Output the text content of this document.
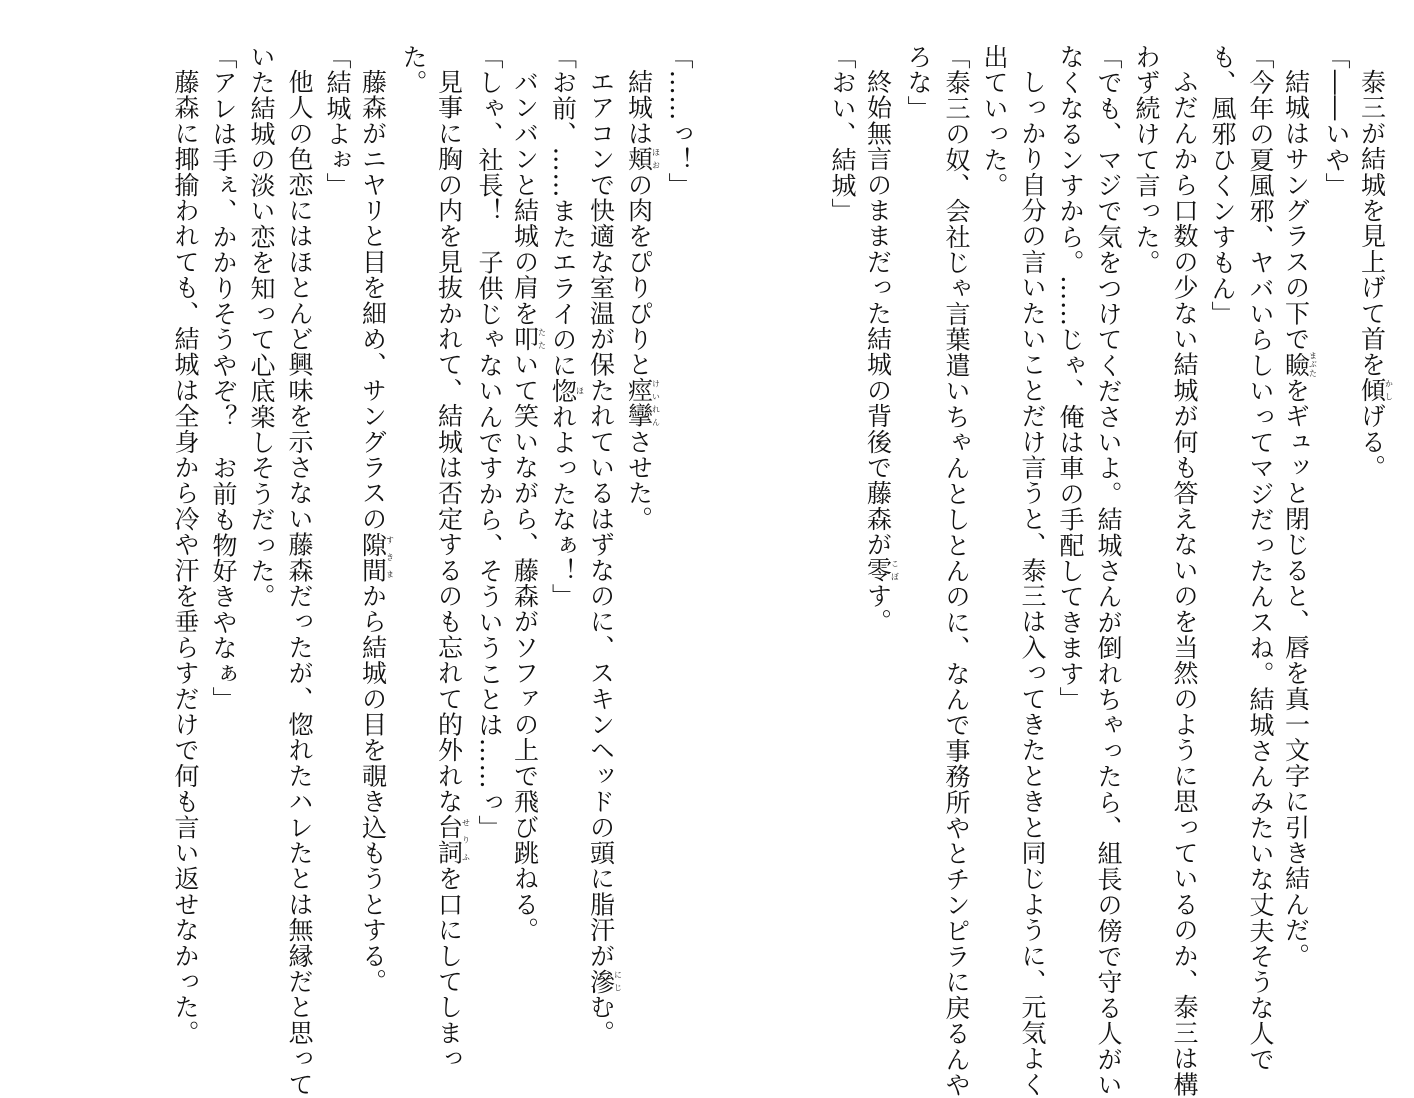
泰三が結城を見上げて首を傾かしげる。
「――いや」
結城はサングラスの下で瞼まぶたをギュッと閉じると、唇を真一文字に引き結んだ。
「今年の夏風邪、ヤバいらしいってマジだったんスね。結城さんみたいな丈夫そうな人で
も、風邪ひくンすもん」
ふだんから口数の少ない結城が何も答えないのを当然のように思っているのか、泰三は構
わず続けて言った。
「でも、マジで気をつけてくださいよ。結城さんが倒れちゃったら、組長の傍で守る人がい
なくなるンすから。……じゃ、俺は車の手配してきます」
しっかり自分の言いたいことだけ言うと、泰三は入ってきたときと同じように、元気よく
出ていった。
「泰三の奴、会社じゃ言葉遣いちゃんとしとんのに、なんで事務所やとチンピラに戻るんや
ろな」
終始無言のままだった結城の背後で藤森が零こぼす。
「おい、結城」
「……っ！」
結城は頬ほおの肉をぴりぴりと痙攣けいれんさせた。
エアコンで快適な室温が保たれているはずなのに、スキンヘッドの頭に脂汗が滲にじむ。
「お前、……またエライのに惚ほれよったなぁ！」
バンバンと結城の肩を叩たたいて笑いながら、藤森がソファの上で飛び跳ねる。
「しゃ、社長！　子供じゃないんですから、そういうことは……っ」
見事に胸の内を見抜かれて、結城は否定するのも忘れて的外れな台詞せりふを口にしてしまっ
た。
藤森がニヤリと目を細め、サングラスの隙間すきまから結城の目を覗き込もうとする。
「結城よぉ」
他人の色恋にはほとんど興味を示さない藤森だったが、惚れたハレたとは無縁だと思って
いた結城の淡い恋を知って心底楽しそうだった。
「アレは手ぇ、かかりそうやぞ？　お前も物好きやなぁ」
藤森に揶揄われても、結城は全身から冷や汗を垂らすだけで何も言い返せなかった。
